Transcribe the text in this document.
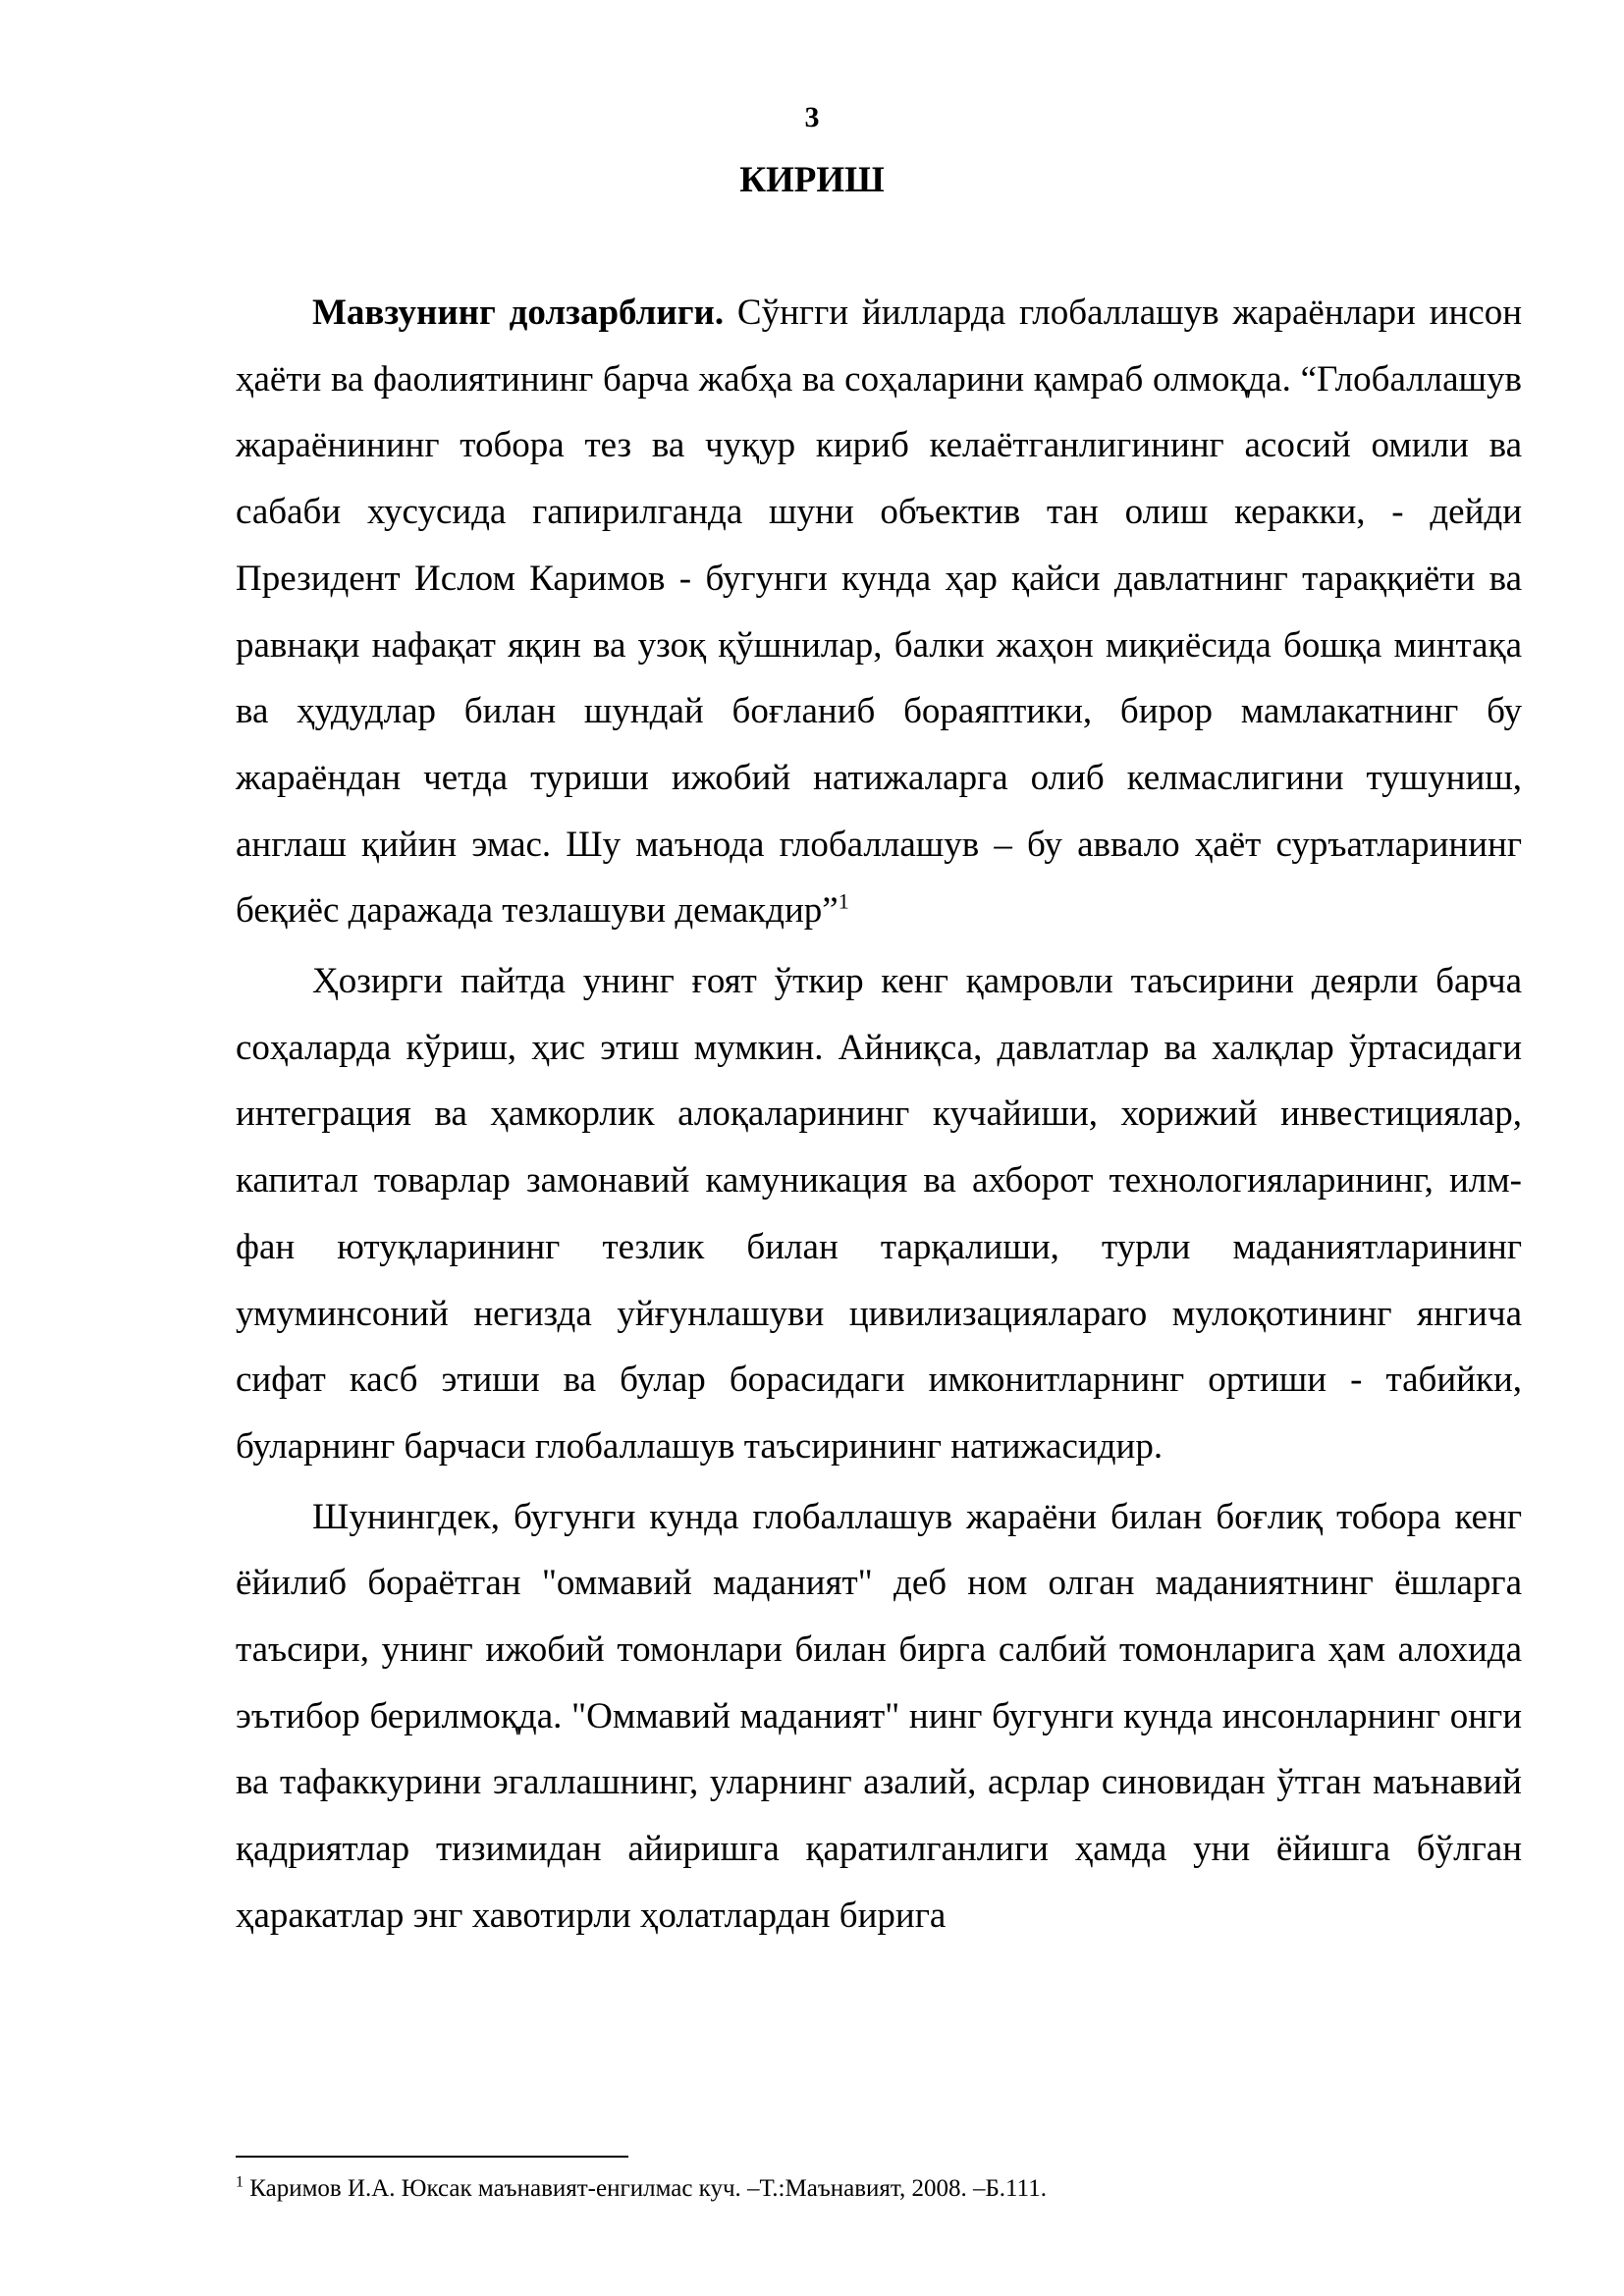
3
КИРИШ

Мавзунинг долзарблиги. Сўнгги йилларда глобаллашув жараёнлари инсон ҳаёти ва фаолиятининг барча жабҳа ва соҳаларини қамраб олмоқда. “Глобаллашув жараёнининг тобора тез ва чуқур кириб келаётганлигининг асосий омили ва сабаби хусусида гапирилганда шуни объектив тан олиш керакки, - дейди Президент Ислом Каримов - бугунги кунда ҳар қайси давлатнинг тараққиёти ва равнақи нафақат яқин ва узоқ қўшнилар, балки жаҳон миқиёсида бошқа минтақа ва ҳудудлар билан шундай боғланиб бораяптики, бирор мамлакатнинг бу жараёндан четда туриши ижобий натижаларга олиб келмаслигини тушуниш, англаш қийин эмас. Шу маънода глобаллашув – бу аввало ҳаёт суръатларининг беқиёс даражада тезлашуви демакдир”$^1$

Ҳозирги пайтда унинг ғоят ўткир кенг қамровли таъсирини деярли барча соҳаларда кўриш, ҳис этиш мумкин. Айниқса, давлатлар ва халқлар ўртасидаги интеграция ва ҳамкорлик алоқаларининг кучайиши, хорижий инвестициялар, капитал товарлар замонавий камуникация ва ахборот технологияларининг, илм-фан ютуқларининг тезлик билан тарқалиши, турли маданиятларининг умуминсоний негизда уйғунлашуви цивилизацияларaro мулоқотининг янгича сифат касб этиши ва булар борасидаги имконитларнинг ортиши - табийки, буларнинг барчаси глобаллашув таъсирининг натижасидир.

Шунингдек, бугунги кунда глобаллашув жараёни билан боғлиқ тобора кенг ёйилиб бораётган "оммавий маданият" деб ном олган маданиятнинг ёшларга таъсири, унинг ижобий томонлари билан бирга салбий томонларига ҳам алохида эътибор берилмоқда. "Оммавий маданият" нинг бугунги кунда инсонларнинг онги ва тафаккурини эгаллашнинг, уларнинг азалий, асрлар синовидан ўтган маънавий қадриятлар тизимидан айиришга қаратилганлиги ҳамда уни ёйишга бўлган ҳаракатлар энг хавотирли ҳолатлардан бирига

$^1$ Каримов И.А. Юксак маънавият-енгилмас куч. –Т.:Маънавият, 2008. –Б.111.
